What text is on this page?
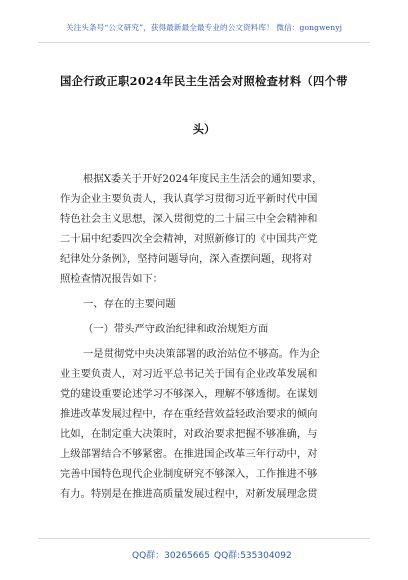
关注头条号“公文研究”，获得最新最全最专业的公文资料库！ 微信：gongwenyj
国企行政正职2024年民主生活会对照检查材料（四个带
头）
根据X委关于开好2024年度民主生活会的通知要求，
作为企业主要负责人，我认真学习贯彻习近平新时代中国
特色社会主义思想，深入贯彻党的二十届三中全会精神和
二十届中纪委四次全会精神，对照新修订的《中国共产党
纪律处分条例》，坚持问题导向，深入查摆问题，现将对
照检查情况报告如下：
一、存在的主要问题
（一）带头严守政治纪律和政治规矩方面
一是贯彻党中央决策部署的政治站位不够高。作为企
业主要负责人，对习近平总书记关于国有企业改革发展和
党的建设重要论述学习不够深入，理解不够透彻。在谋划
推进改革发展过程中，存在重经营效益轻政治要求的倾向
比如，在制定重大决策时，对政治要求把握不够准确，与
上级部署结合不够紧密。在推进国企改革三年行动中，对
完善中国特色现代企业制度研究不够深入，工作推进不够
有力。特别是在推进高质量发展过程中，对新发展理念贯
QQ群：30265665 QQ群:535304092
